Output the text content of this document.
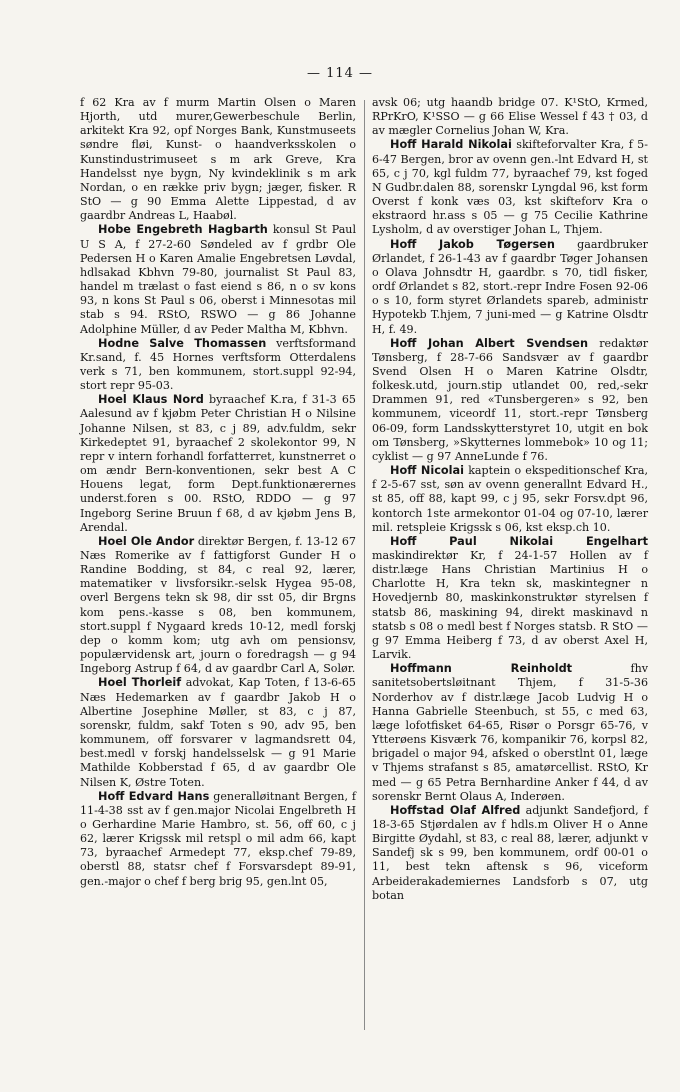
— 114 —

f 62 Kra av f murm Martin Olsen o Maren Hjorth, utd murer,Gewerbeschule Berlin, arkitekt Kra 92, opf Norges Bank, Kunstmuseets søndre fløi, Kunst- o haandverksskolen o Kunstindustrimuseet s m ark Greve, Kra Handelsst nye bygn, Ny kvindeklinik s m ark Nordan, o en række priv bygn; jæger, fisker. R StO — g 90 Emma Alette Lippestad, d av gaardbr Andreas L, Haabøl.

Hobe Engebreth Hagbarth konsul St Paul U S A, f 27-2-60 Søndeled av f grdbr Ole Pedersen H o Karen Amalie Engebretsen Løvdal, hdlsakad Kbhvn 79-80, journalist St Paul 83, handel m trælast o fast eiend s 86, n o sv kons 93, n kons St Paul s 06, oberst i Minnesotas mil stab s 94. RStO, RSWO — g 86 Johanne Adolphine Müller, d av Peder Maltha M, Kbhvn.

Hodne Salve Thomassen verftsformand Kr.sand, f. 45 Hornes verftsform Otterdalens verk s 71, ben kommunem, stort.suppl 92-94, stort repr 95-03.

Hoel Klaus Nord byraachef K.ra, f 31-3 65 Aalesund av f kjøbm Peter Christian H o Nilsine Johanne Nilsen, st 83, c j 89, adv.fuldm, sekr Kirkedeptet 91, byraachef 2 skolekontor 99, N repr v intern forhandl forfatterret, kunstnerret o om ændr Bern-konventionen, sekr best A C Houens legat, form Dept.funktionærernes underst.foren s 00. RStO, RDDO — g 97 Ingeborg Serine Bruun f 68, d av kjøbm Jens B, Arendal.

Hoel Ole Andor direktør Bergen, f. 13-12 67 Næs Romerike av f fattigforst Gunder H o Randine Bodding, st 84, c real 92, lærer, matematiker v livsforsikr.-selsk Hygea 95-08, overl Bergens tekn sk 98, dir sst 05, dir Brgns kom pens.-kasse s 08, ben kommunem, stort.suppl f Nygaard kreds 10-12, medl forskj dep o komm kom; utg avh om pensionsv, populærvidensk art, journ o foredragsh — g 94 Ingeborg Astrup f 64, d av gaardbr Carl A, Solør.

Hoel Thorleif advokat, Kap Toten, f 13-6-65 Næs Hedemarken av f gaardbr Jakob H o Albertine Josephine Møller, st 83, c j 87, sorenskr, fuldm, sakf Toten s 90, adv 95, ben kommunem, off forsvarer v lagmandsrett 04, best.medl v forskj handelsselsk — g 91 Marie Mathilde Kobberstad f 65, d av gaardbr Ole Nilsen K, Østre Toten.

Hoff Edvard Hans generalløitnant Bergen, f 11-4-38 sst av f gen.major Nicolai Engelbreth H o Gerhardine Marie Hambro, st. 56, off 60, c j 62, lærer Krigssk mil retspl o mil adm 66, kapt 73, byraachef Armedept 77, eksp.chef 79-89, oberstl 88, statsr chef f Forsvarsdept 89-91, gen.-major o chef f berg brig 95, gen.lnt 05,

avsk 06; utg haandb bridge 07. K¹StO, Krmed, RPrKrO, K¹SSO — g 66 Elise Wessel f 43 † 03, d av mægler Cornelius Johan W, Kra.

Hoff Harald Nikolai skifteforvalter Kra, f 5-6-47 Bergen, bror av ovenn gen.-lnt Edvard H, st 65, c j 70, kgl fuldm 77, byraachef 79, kst foged N Gudbr.dalen 88, sorenskr Lyngdal 96, kst form Overst f konk væs 03, kst skifteforv Kra o ekstraord hr.ass s 05 — g 75 Cecilie Kathrine Lysholm, d av overstiger Johan L, Thjem.

Hoff Jakob Tøgersen gaardbruker Ørlandet, f 26-1-43 av f gaardbr Tøger Johansen o Olava Johnsdtr H, gaardbr. s 70, tidl fisker, ordf Ørlandet s 82, stort.-repr Indre Fosen 92-06 o s 10, form styret Ørlandets spareb, administr Hypotekb T.hjem, 7 juni-med — g Katrine Olsdtr H, f. 49.

Hoff Johan Albert Svendsen redaktør Tønsberg, f 28-7-66 Sandsvær av f gaardbr Svend Olsen H o Maren Katrine Olsdtr, folkesk.utd, journ.stip utlandet 00, red,-sekr Drammen 91, red «Tunsbergeren» s 92, ben kommunem, viceordf 11, stort.-repr Tønsberg 06-09, form Landsskytterstyret 10, utgit en bok om Tønsberg, »Skytternes lommebok» 10 og 11; cyklist — g 97 AnneLunde f 76.

Hoff Nicolai kaptein o ekspeditionschef Kra, f 2-5-67 sst, søn av ovenn generallnt Edvard H., st 85, off 88, kapt 99, c j 95, sekr Forsv.dpt 96, kontorch 1ste armekontor 01-04 og 07-10, lærer mil. retspleie Krigssk s 06, kst eksp.ch 10.

Hoff Paul Nikolai Engelhart maskindirektør Kr, f 24-1-57 Hollen av f distr.læge Hans Christian Martinius H o Charlotte H, Kra tekn sk, maskintegner n Hovedjernb 80, maskinkonstruktør styrelsen f statsb 86, maskining 94, direkt maskinavd n statsb s 08 o medl best f Norges statsb. R StO — g 97 Emma Heiberg f 73, d av oberst Axel H, Larvik.

Hoffmann Reinholdt fhv sanitetsobertsløitnant Thjem, f 31-5-36 Norderhov av f distr.læge Jacob Ludvig H o Hanna Gabrielle Steenbuch, st 55, c med 63, læge lofotfisket 64-65, Risør o Porsgr 65-76, v Ytterøens Kisværk 76, kompanikir 76, korpsl 82, brigadel o major 94, afsked o oberstlnt 01, læge v Thjems strafanst s 85, amatørcellist. RStO, Kr med — g 65 Petra Bernhardine Anker f 44, d av sorenskr Bernt Olaus A, Inderøen.

Hoffstad Olaf Alfred adjunkt Sandefjord, f 18-3-65 Stjørdalen av f hdls.m Oliver H o Anne Birgitte Øydahl, st 83, c real 88, lærer, adjunkt v Sandefj sk s 99, ben kommunem, ordf 00-01 o 11, best tekn aftensk s 96, viceform Arbeiderakademiernes Landsforb s 07, utg botan
